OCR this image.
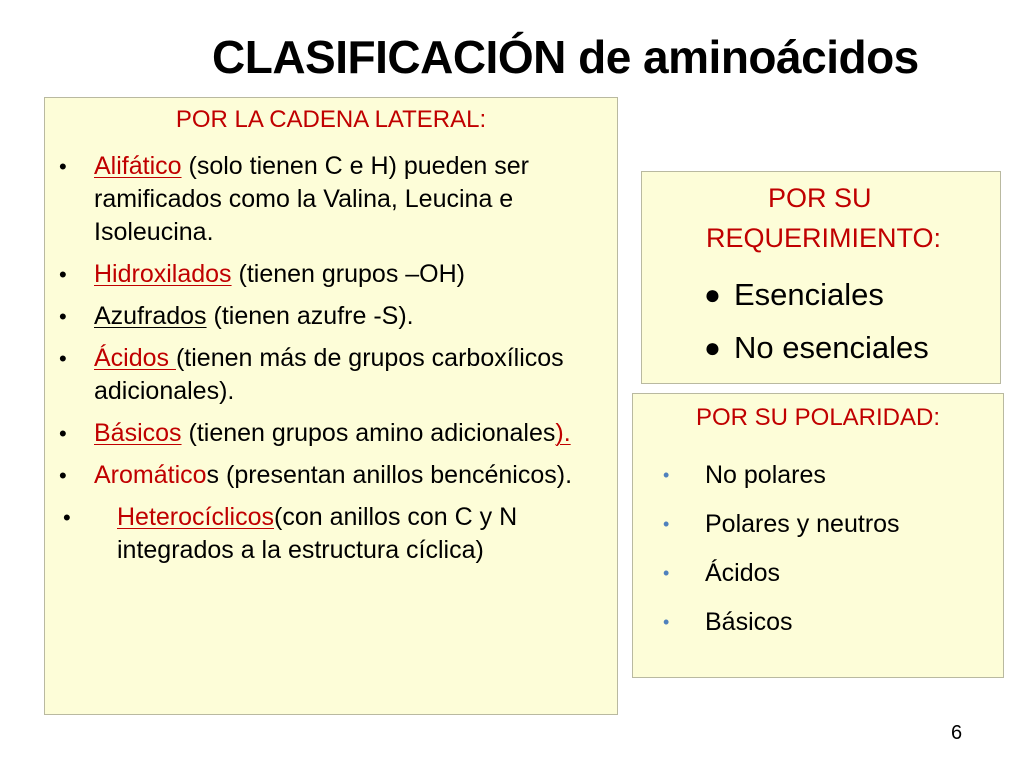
CLASIFICACIÓN de aminoácidos
POR LA CADENA LATERAL:
•	Alifático (solo tienen C e H) pueden ser ramificados como la Valina, Leucina e Isoleucina.
•	Hidroxilados (tienen grupos –OH)
•	Azufrados (tienen azufre -S).
•	Ácidos (tienen más de grupos carboxílicos adicionales).
•	Básicos (tienen grupos amino adicionales).
•	Aromáticos (presentan anillos bencénicos).
•	Heterocíclicos(con anillos con C y N integrados a la estructura cíclica)
POR SU
REQUERIMIENTO:
● Esenciales
● No esenciales
POR SU POLARIDAD:
• No polares
• Polares y neutros
• Ácidos
• Básicos
6
